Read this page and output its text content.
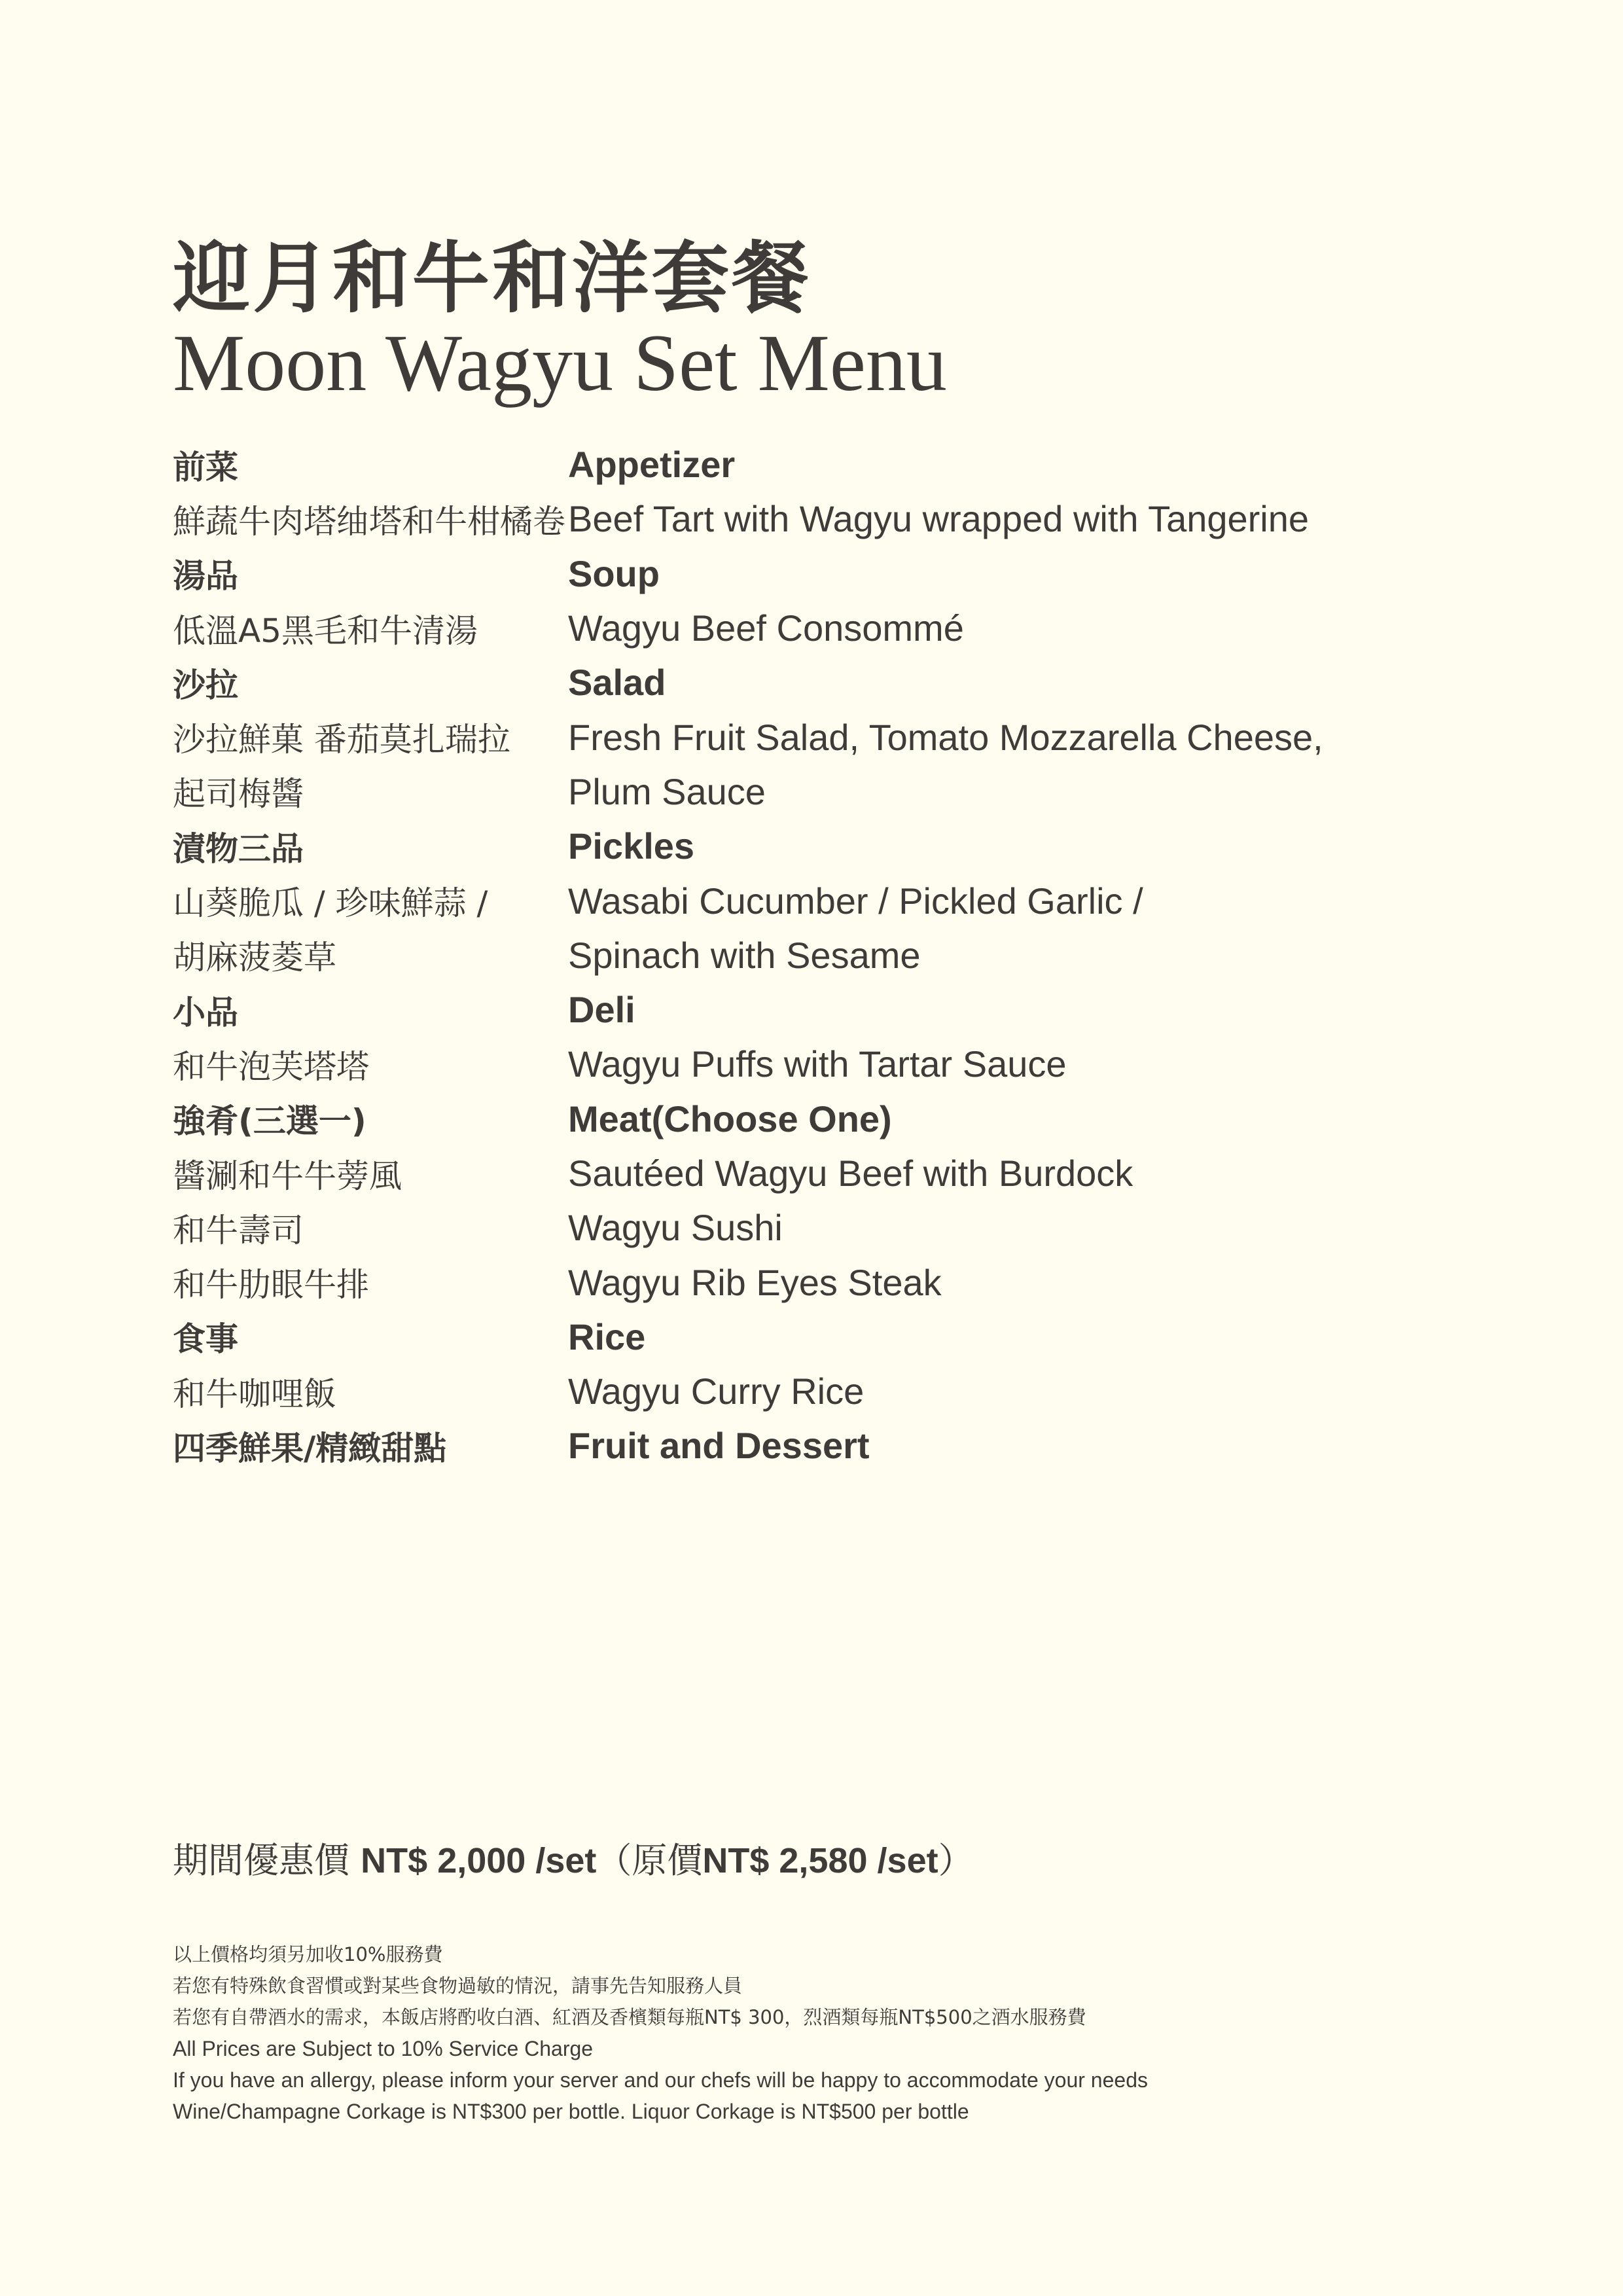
迎月和牛和洋套餐
Moon Wagyu Set Menu
前菜	Appetizer
鮮蔬牛肉塔䌷塔和牛柑橘卷 Beef Tart with Wagyu wrapped with Tangerine
湯品	Soup
低溫A5黑毛和牛清湯	Wagyu Beef Consommé
沙拉	Salad
沙拉鮮菓 番茄莫扎瑞拉	Fresh Fruit Salad, Tomato Mozzarella Cheese,
起司梅醬	Plum Sauce
漬物三品	Pickles
山葵脆瓜 / 珍味鮮蒜 /	Wasabi Cucumber / Pickled Garlic /
胡麻菠菱草	Spinach with Sesame
小品	Deli
和牛泡芙塔塔	Wagyu Puffs with Tartar Sauce
強肴(三選一)	Meat(Choose One)
醬涮和牛牛蒡風	Sautéed Wagyu Beef with Burdock
和牛壽司	Wagyu Sushi
和牛肋眼牛排	Wagyu Rib Eyes Steak
食事	Rice
和牛咖哩飯	Wagyu Curry Rice
四季鮮果/精緻甜點	Fruit and Dessert
期間優惠價 NT$ 2,000 /set（原價NT$ 2,580 /set）
以上價格均須另加收10%服務費
若您有特殊飲食習慣或對某些食物過敏的情況，請事先告知服務人員
若您有自帶酒水的需求，本飯店將酌收白酒、紅酒及香檳類每瓶NT$ 300，烈酒類每瓶NT$500之酒水服務費
All Prices are Subject to 10% Service Charge
If you have an allergy, please inform your server and our chefs will be happy to accommodate your needs
Wine/Champagne Corkage is NT$300 per bottle. Liquor Corkage is NT$500 per bottle
